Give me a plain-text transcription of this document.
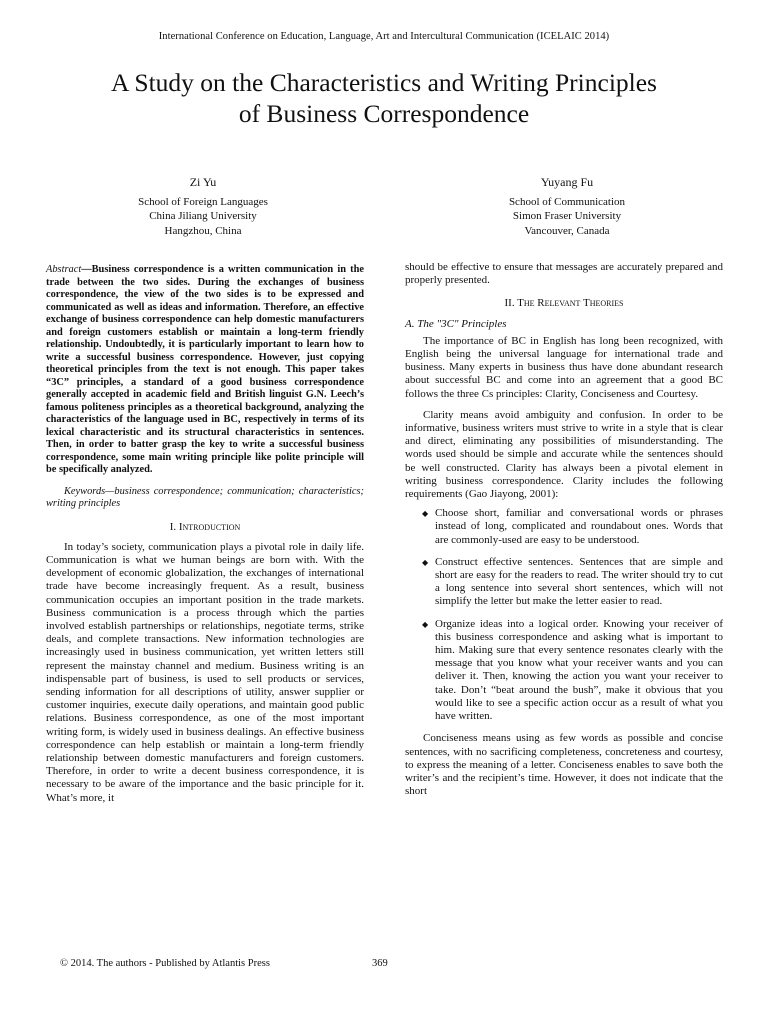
International Conference on Education, Language, Art and Intercultural Communication (ICELAIC 2014)
A Study on the Characteristics and Writing Principles
of Business Correspondence
Zi Yu
School of Foreign Languages
China Jiliang University
Hangzhou, China
Yuyang Fu
School of Communication
Simon Fraser University
Vancouver, Canada

Abstract—Business correspondence is a written communication in the trade between the two sides. During the exchanges of business correspondence, the view of the two sides is to be expressed and communicated as well as ideas and information. Therefore, an effective exchange of business correspondence can help domestic manufacturers and foreign customers establish or maintain a long-term friendly relationship. Undoubtedly, it is particularly important to learn how to write a successful business correspondence. However, just copying theoretical principles from the text is not enough. This paper takes “3C” principles, a standard of a good business correspondence generally accepted in academic field and British linguist G.N. Leech’s famous politeness principles as a theoretical background, analyzing the characteristics of the language used in BC, respectively in terms of its lexical characteristic and its structural characteristics in sentences. Then, in order to batter grasp the key to write a successful business correspondence, some main writing principle like polite principle will be specifically analyzed.

Keywords—business correspondence; communication; characteristics; writing principles

I. Introduction

In today’s society, communication plays a pivotal role in daily life. Communication is what we human beings are born with. With the development of economic globalization, the exchanges of international trade have become increasingly frequent. As a result, business communication occupies an important position in the trade markets. Business communication is a process through which the parties involved establish partnerships or relationships, negotiate terms, strike deals, and complete transactions. New information technologies are increasingly used in business communication, yet written letters still represent the mainstay channel and medium. Business writing is an indispensable part of business, is used to sell products or services, sending information for all descriptions of utility, answer supplier or customer inquiries, execute daily operations, and maintain good public relations. Business correspondence, as one of the most important writing form, is widely used in business dealings. An effective business correspondence can help establish or maintain a long-term friendly relationship between domestic manufacturers and foreign customers. Therefore, in order to write a decent business correspondence, it is necessary to be aware of the importance and the basic principle for it. What’s more, it

should be effective to ensure that messages are accurately prepared and properly presented.

II. The Relevant Theories
A. The "3C" Principles

The importance of BC in English has long been recognized, with English being the universal language for international trade and business. Many experts in business thus have done abundant research about successful BC and come into an agreement that a good BC follows the three Cs principles: Clarity, Conciseness and Courtesy.

Clarity means avoid ambiguity and confusion. In order to be informative, business writers must strive to write in a style that is clear and direct, eliminating any possibilities of misunderstanding. The words used should be simple and accurate while the sentences should be well constructed. Clarity has always been a pivotal element in writing business correspondence. Clarity includes the following requirements (Gao Jiayong, 2001):

◆ Choose short, familiar and conversational words or phrases instead of long, complicated and roundabout ones. Words that are commonly-used are easy to be understood.
◆ Construct effective sentences. Sentences that are simple and short are easy for the readers to read. The writer should try to cut a long sentence into several short sentences, which will not simplify the letter but make the letter easier to read.
◆ Organize ideas into a logical order. Knowing your receiver of this business correspondence and asking what is important to him. Making sure that every sentence resonates clearly with the message that you know what your receiver wants and you can deliver it. Then, knowing the action you want your receiver to take. Don’t “beat around the bush”, make it obvious that you would like to see a specific action occur as a result of what you have written.

Conciseness means using as few words as possible and concise sentences, with no sacrificing completeness, concreteness and courtesy, to express the meaning of a letter. Conciseness enables to save both the writer’s and the recipient’s time. However, it does not indicate that the short

© 2014. The authors - Published by Atlantis Press	369
